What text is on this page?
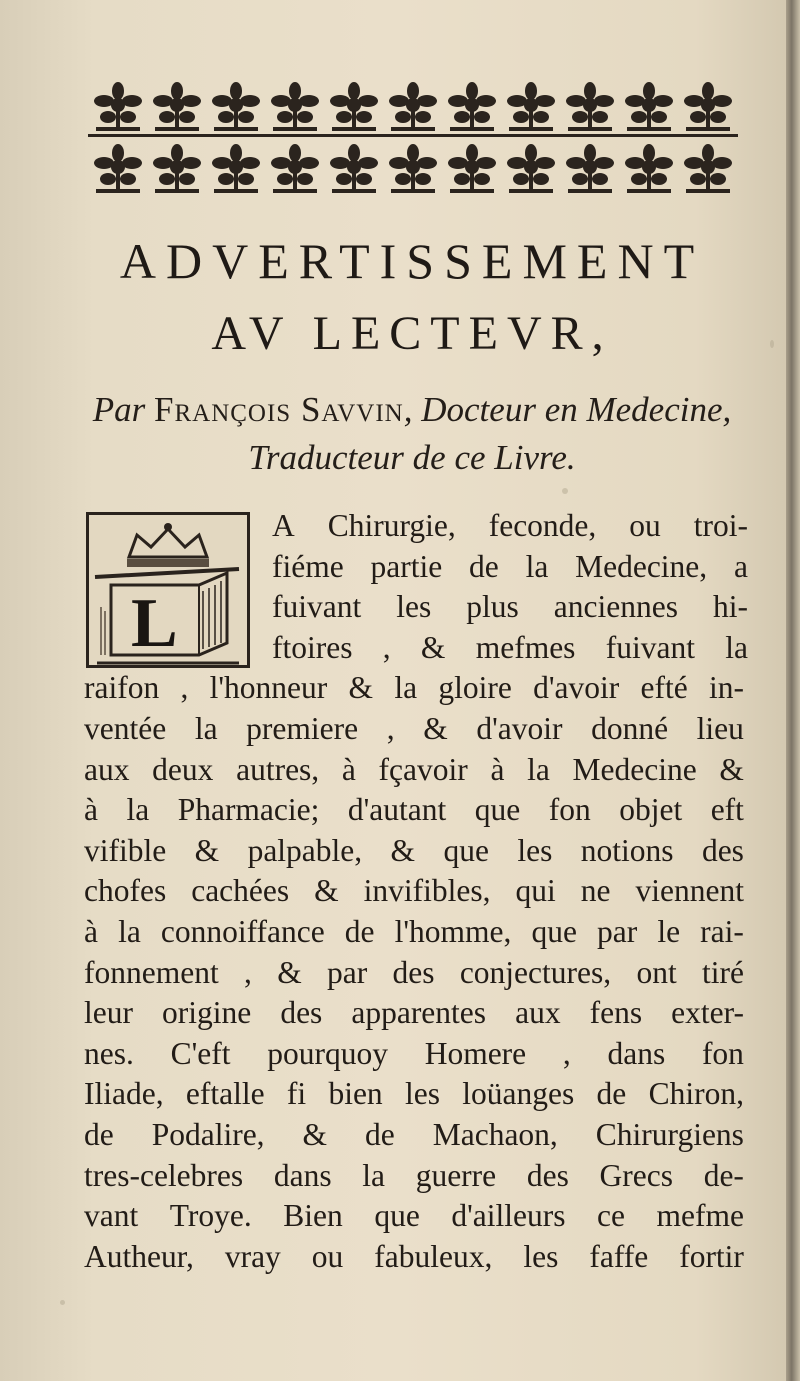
ADVERTISSEMENT
AV LECTEVR,
Par François Savvin, Docteur en Medecine, Traducteur de ce Livre.
L
A Chirurgie, feconde, ou troi-
fiéme partie de la Medecine, a
fuivant les plus anciennes hi-
ftoires , & mefmes fuivant la
raifon , l'honneur & la gloire d'avoir efté in-
ventée la premiere , & d'avoir donné lieu
aux deux autres, à fçavoir à la Medecine &
à la Pharmacie; d'autant que fon objet eft
vifible & palpable, & que les notions des
chofes cachées & invifibles, qui ne viennent
à la connoiffance de l'homme, que par le rai-
fonnement , & par des conjectures, ont tiré
leur origine des apparentes aux fens exter-
nes. C'eft pourquoy Homere , dans fon
Iliade, eftalle fi bien les loüanges de Chiron,
de Podalire, & de Machaon, Chirurgiens
tres-celebres dans la guerre des Grecs de-
vant Troye. Bien que d'ailleurs ce mefme
Autheur, vray ou fabuleux, les faffe fortir
